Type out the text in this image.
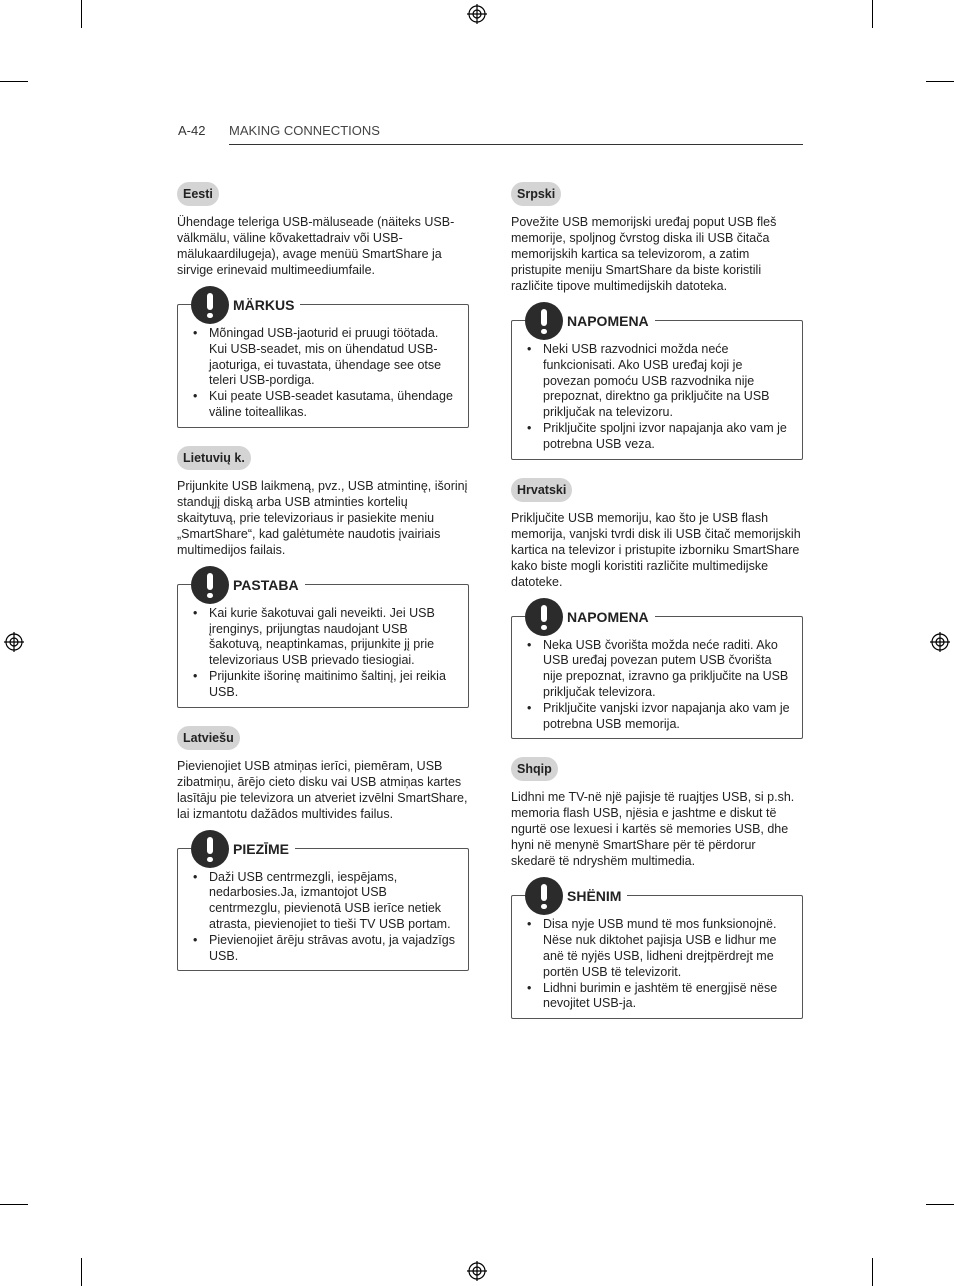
A-42 MAKING CONNECTIONS
Eesti
Ühendage teleriga USB-mäluseade (näiteks USB-välkmälu, väline kõvakettadraiv või USB-mälukaardilugeja), avage menüü SmartShare ja sirvige erinevaid multimeediumfaile.
MÄRKUS
• Mõningad USB-jaoturid ei pruugi töötada. Kui USB-seadet, mis on ühendatud USB-jaoturiga, ei tuvastata, ühendage see otse teleri USB-pordiga.
• Kui peate USB-seadet kasutama, ühendage väline toiteallikas.
Lietuvių k.
Prijunkite USB laikmeną, pvz., USB atmintinę, išorinį standųjį diską arba USB atminties kortelių skaitytuvą, prie televizoriaus ir pasiekite meniu „SmartShare“, kad galėtumėte naudotis įvairiais multimedijos failais.
PASTABA
• Kai kurie šakotuvai gali neveikti. Jei USB įrenginys, prijungtas naudojant USB šakotuvą, neaptinkamas, prijunkite jį prie televizoriaus USB prievado tiesiogiai.
• Prijunkite išorinę maitinimo šaltinį, jei reikia USB.
Latviešu
Pievienojiet USB atmiņas ierīci, piemēram, USB zibatmiņu, ārējo cieto disku vai USB atmiņas kartes lasītāju pie televizora un atveriet izvēlni SmartShare, lai izmantotu dažādos multivides failus.
PIEZĪME
• Daži USB centrmezgli, iespējams, nedarbosies.Ja, izmantojot USB centrmezglu, pievienotā USB ierīce netiek atrasta, pievienojiet to tieši TV USB portam.
• Pievienojiet ārēju strāvas avotu, ja vajadzīgs USB.
Srpski
Povežite USB memorijski uređaj poput USB fleš memorije, spoljnog čvrstog diska ili USB čitača memorijskih kartica sa televizorom, a zatim pristupite meniju SmartShare da biste koristili različite tipove multimedijskih datoteka.
NAPOMENA
• Neki USB razvodnici možda neće funkcionisati. Ako USB uređaj koji je povezan pomoću USB razvodnika nije prepoznat, direktno ga priključite na USB priključak na televizoru.
• Priključite spoljni izvor napajanja ako vam je potrebna USB veza.
Hrvatski
Priključite USB memoriju, kao što je USB flash memorija, vanjski tvrdi disk ili USB čitač memorijskih kartica na televizor i pristupite izborniku SmartShare kako biste mogli koristiti različite multimedijske datoteke.
NAPOMENA
• Neka USB čvorišta možda neće raditi. Ako USB uređaj povezan putem USB čvorišta nije prepoznat, izravno ga priključite na USB priključak televizora.
• Priključite vanjski izvor napajanja ako vam je potrebna USB memorija.
Shqip
Lidhni me TV-në një pajisje të ruajtjes USB, si p.sh. memoria flash USB, njësia e jashtme e diskut të ngurtë ose lexuesi i kartës së memories USB, dhe hyni në menynë SmartShare për të përdorur skedarë të ndryshëm multimedia.
SHËNIM
• Disa nyje USB mund të mos funksionojnë. Nëse nuk diktohet pajisja USB e lidhur me anë të nyjës USB, lidheni drejtpërdrejt me portën USB të televizorit.
• Lidhni burimin e jashtëm të energjisë nëse nevojitet USB-ja.
